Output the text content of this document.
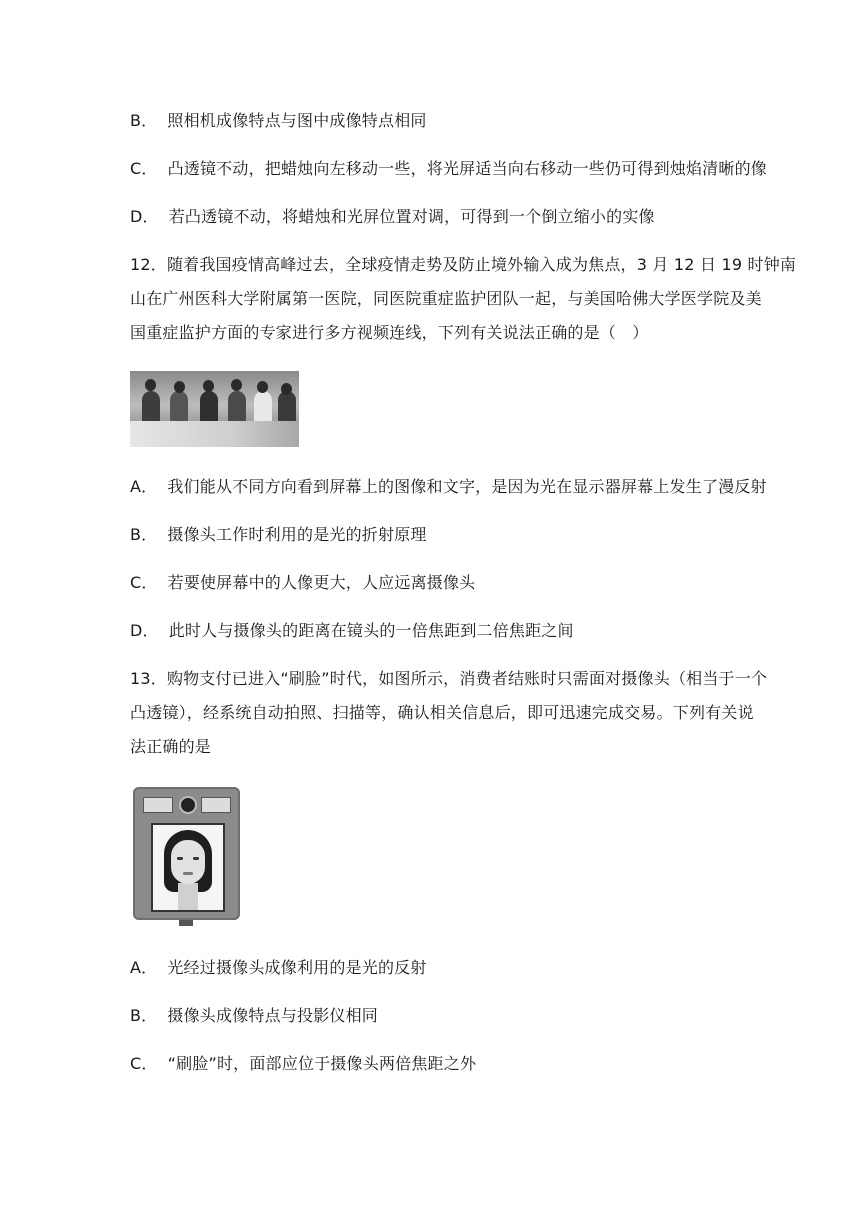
B． 照相机成像特点与图中成像特点相同
C． 凸透镜不动，把蜡烛向左移动一些，将光屏适当向右移动一些仍可得到烛焰清晰的像
D． 若凸透镜不动，将蜡烛和光屏位置对调，可得到一个倒立缩小的实像
12．随着我国疫情高峰过去，全球疫情走势及防止境外输入成为焦点，3 月 12 日 19 时钟南
山在广州医科大学附属第一医院，同医院重症监护团队一起，与美国哈佛大学医学院及美
国重症监护方面的专家进行多方视频连线，下列有关说法正确的是（　）
A． 我们能从不同方向看到屏幕上的图像和文字，是因为光在显示器屏幕上发生了漫反射
B． 摄像头工作时利用的是光的折射原理
C． 若要使屏幕中的人像更大，人应远离摄像头
D． 此时人与摄像头的距离在镜头的一倍焦距到二倍焦距之间
13．购物支付已进入“刷脸”时代，如图所示，消费者结账时只需面对摄像头（相当于一个
凸透镜），经系统自动拍照、扫描等，确认相关信息后，即可迅速完成交易。下列有关说
法正确的是
A． 光经过摄像头成像利用的是光的反射
B． 摄像头成像特点与投影仪相同
C． “刷脸”时，面部应位于摄像头两倍焦距之外
